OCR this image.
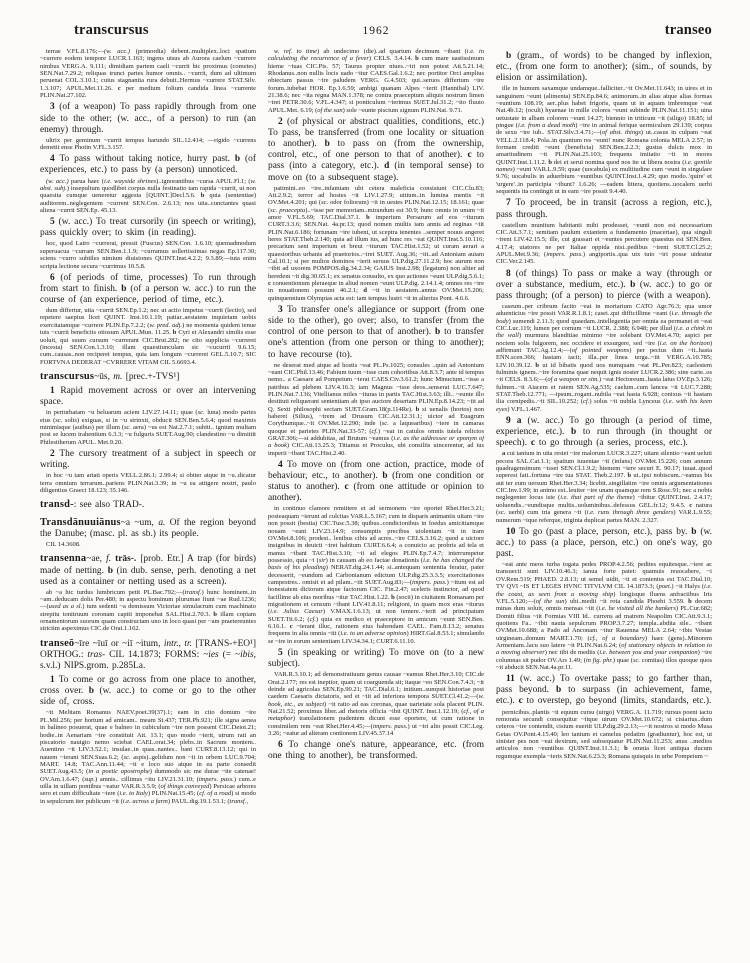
transcursus	1962	transeo

terrae V.FL.8.176;—(w. acc.) (primordia) debent..multiplex..loci spatium ~currere eodem tempore LUCR.1.163; ingens uisus ab Aurora caelum ~currere nimbus VERG.A. 9.111; dimidiam partem caeli ~currit hic proximus (cometes) SEN.Nat.7.29.2; reliquas trunci partes humor omnis.. ~currit, dum ad ultimum peruenat COL.3.10.1; cuius stagnantia rura debuit..Hermus ~currere STAT.Silv. 1.3.107; APUL.Met.11.26. c per medium folium candida linea ~currente PLIN.Nat.27.102.

3 (of a weapon) To pass rapidly through from one side to the other; (w. acc., of a person) to run (an enemy) through.

ultrix per geminum ~currit tempus harundo SIL.12.414; —rigido ~currens demetit ense Photin V.FL.3.157.

4 To pass without taking notice, hurry past. b (of experiences, etc.) to pass by (a person) unnoticed.

(w. acc.) parua haec (i.e. wayside shrines)..ignorantibus ~cursa APUL.Fl.1; (w. abst. subj.) insepultum quodlibet corpus nulla festinatio tam rapida ~currit, ut non quaesita cumque ueneretur aggesta [QUINT.]Decl.5.6. b quia (sententiae) auditorem..neglegentem ~current SEN.Con. 2.6.13; nos uita..cunctantes quasi aliena ~currit SEN.Ep. 45.13.

5 (w. acc.) To treat cursorily (in speech or writing), pass quickly over; to skim (in reading).

hoc, quod Latro ~currerat, pressit (Fuscus) SEN.Con. 1.6.10; quemadmodum superuacua ~curram SEN.Ben.1.1.9; ~curramus sollertissimas negas Ep.117.30; sciens ~curro subtiles nimium diuisiones QUINT.Inst.4.2.2; 9.3.89;—tuta enim scripta lectione secura ~currimus 10.5.8.

6 (of periods of time, processes) To run through from start to finish. b (of a person w. acc.) to run the course of (an experience, period of time, etc.).

dum differtur, uita ~currit SEN.Ep.1.2; nec ut actio impetus ~currit (lectio), sed repetere saepius licet QUINT. Inst.10.1.19; patiar..aestatem inquietam uobis exercitatamque ~currere PLIN.Ep.7.2.2; (w. pred. adj.) ne momenta quidem tenue tuis ~currit beneficiis otiosum APUL.Mun. 11.25. b Cyri et Alexandri similis esse uoluit, qui suum cursum ~currerant CIC.Brut.282; ne cito supplicia ~curreret (incesta) SEN.Con.1.3.10; illam quaestiunculam sic ~cucurrit 9.6.15; cum..causas..non reciperet tempus, quia iam longum ~curreret GEL.5.10.7; SIC FORTVNA DEDERAT ~CVRRERE VITAM CIL 5.6693.4.

transcursus~ūs, m. [prec.+-TVS¹]

1 Rapid movement across or over an intervening space.

in perturbatam ~u beluarum aciem LIV.27.14.11; quae (sc. luna) modo partes eius (sc. solis) exiguas, si in ~u strinxit, obducit SEN.Ben.5.6.4; quod maximis minimisque (auibus) per illum (sc. aera) ~us est Nat.2.7.1; subiti.. ignium multam post se lucem trahentium 6.3.3; ~u fulguris SUET.Aug.90; clandestino ~u dimittit Philesitherum APUL. Met.9.20.

2 The cursory treatment of a subject in speech or writing.

in hoc ~u tam artati operis VELL.2.86.1; 2.99.4; si obiter atque in ~u..dicatur terra omnium terrarum..pariens PLIN.Nat.3.39; in ~u ea attigere nostri, paulo diligentius Graeci 18.123; 35.146.

transd-: see also TRAD-.

Transdānuuiānus~a ~um, a. Of the region beyond the Danube; (masc. pl. as sb.) its people.

CIL 14.3608.

transenna~ae, f. trās-. [prob. Etr.] A trap (for birds) made of netting. b (in dub. sense, perh. denoting a net used as a container or netting used as a screen).

ab ~a hic turdus lumbricum petit PL.Bac.792;—(transf.) hunc hominem..in ~am..deducam dolis Per.480; in aspectu hominum plurumae fiunt ~ae Rud.1236;—(used as a sl.) tum sedenti ~a demissum Victoriae simulacrum cum machinato strepitu tonitruum coronam capiti imponebat SAL.Hist.2.70.3. b illam copiam ornamentorum suorum quam constructam uno in loco quasi per ~am praetereuntes strictim aspeximus CIC.de Orat.1.162.

transeō~īre ~īuī or ~iī ~itum, intr., tr. [TRANS-+EO¹] ORTHOG.: tras- CIL 14.1873; FORMS: ~ies (= ~ibis, s.v.l.) NIPS.grom. p.285La.

1 To come or go across from one place to another, cross over. b (w. acc.) to come or go to the other side of, cross.

~it Melitam Romanus NAEV.poet.39(37).1; eam in cito domum ~ire PL.Mil.256; per hortum ad amicam.. meam St.437; TER.Ph.921; ille signa aenea in balineo posuerat, quae e balneo in cubiculum ~ire non possent CIC.Deiot.21; hodie..in Aenariam ~ire constituit Att. 13.1; quo modo ~ierit, utrum rati an piscatorio nauigio nemo sciebat CAEL.orat.34; plebs..in Sacrum montem.. Auentino ~it LIV.3.52.1; insulae..in quas..nantes.. bant CURT.8.13.12; qui in nauem ~ierant SEN.Suas.6.2; (sc. aspis)..gelidum non ~it in orbem LUC.9.704; MART. 14.8; TAC.Ann.11.44; ~it e loco suo atque in ea parte consedit SUET.Aug.43.5; (in a poetic apostrophe) dummodo sic me durae ~ite catenae! OV.Am.1.6.47; (sup.) amnis.. cillimus ~itu LIV.21.31.10; (impers. pass.) cum..e uilla in uillam pontibus ~eatur VAR.R.3.5.9; (of things conveyed) Persicae arbores sero et cum difficultate ~iere (i.e. to Italy) PLIN.Nat.15.45; (cf. of a road) si modo in sepulcrum iter publicum ~it (i.e. across a farm) PAUL.dig.19.1.53.1; (transf.,

w. ref. to time) ab undecimo (die)..ad quartum decimum ~ibant (i.e. in calculating the recurrence of a fever) CELS. 3.4.14. b cum mare uastissimum hieme ~iuas CIC.Pis. 57; Taurus propter niues..~iri non potest Att.5.21.14; Rhodanus..non nullis locis uado ~itur CAES.Gal.1.6.2; nec portitor Orci amplius obiectam passus ~ire paludem VERG. G.4.503; qui..seruos differtum ~ire forum..iubebat HOR. Ep.1.6.59; ambigi quanam Alpes ~ierit (Hannibal) LIV. 21.38.6; nec ~ita regna MAN.1.378; ne contra praeceptum aliquis nostrum limen ~iret PETR.30.6; V.FL.4.347; si ponticulum ~ierimus SUET.Jul.31.2; ~ito fluuio APUL.Met. 6.19; (of the sun) sole ~eunte piscium signum PLIN.Nat. 9.71.

2 (of physical or abstract qualities, conditions, etc.) To pass, be transferred (from one locality or situation to another). b to pass on (from the ownership, control, etc., of one person to that of another). c to pass (into a category, etc.). d (in temporal sense) to move on (to a subsequent stage).

patimini..eo ~ire..infamiam ubi cetera maleficia consistunt CIC.Clu.83; Att.2.9.2; terror ad hostes ~it LIV.1.27.9; uitium..in lumina mentis ~it OV.Met.4.201; qui (sc. odor foliorum) ~it in uestes PLIN.Nat.12.15; 18.161; quae (sc. praecepta)..~isse per memoriam..mirandum est 30.9; hunc omnis in unum ~it amor V.FL.5.69; TAC.Dial.37.1. b imperium Persarum ad eos ~iturum CURT.3.3.6; SEN.Nat. 4a.pr.13; quod nomen multis iam annis ad reginas ~iit PLIN.Nat.6.186; fortunam ~ire iubent, ut sceptra tenentes ..semper nouus angeret heres STAT.Theb.2.140; quia ad illum ius, ad hunc res ~eat QUINT.Inst.5.10.116; precarium seni imperium et breui ~iturum TAC.Hist.1.52; ut curam aerari a quaestoribus urbanis ad praetorios..~iret SUET. Aug.36; ~iit..ad Antoniam auiam Cal.10.1; si per multos dominos ~ierit seruus ULP.dig.27.11.2.9; hoc aurum non ~ibit ad uxorem POMPOS.dig.34.2.34; GAIUS Inst.2.98; (legatum) non aliter ad heredem ~it dig.30.65.1; ex senatus consulto, ex quo actiones ~eunt ULP.dig.5.6.1; c conuentionum pleraeque in aliud nomen ~eunt ULP.dig. 2.14.1.4; omnes res ~ire in nouationem possunt 46.2.1; d ~it in aestatem..annus OV.Met.15.206; quinquennium Olympias acta est: iam tempus lustri ~it in alterius Pont. 4.6.6.

3 To transfer one's allegiance or support (from one side to the other), go over; also, to transfer (from the control of one person to that of another). b to transfer one's attention (from one person or thing to another); to have recourse (to).

ne deserat med atque ad hostis ~eat PL.Ps.1025; consules ..quin ad Antonium ~eant CIC.Phil.13.46; Fabium tuum ~isse cum cohortibus Att.8.3.7; ante id tempus nemo.. a Caesare ad Pompeium ~ierat CAES.Civ.3.61.2; hunc Minucium..~isse a patribus ad plebem LIV.4.16.3; iam Magnus ~isse deos..senserat LUC.7.647; PLIN.Nat.7.136; Vitellianus miles ~ituras in partis TAC.Hist.3.63; illi.. ~eunte illo destituti reliquerant sententiam ab ipso auctore desertam PLIN.Ep.8.14.23; ~iit ad Q. Sexti philosophi sectam SUET.Gram.18(p.114Re). b si uenalis (hortos) non haberet (Silius), ~irem ad Drusum CIC.Att.12.31.1; uictor ad Euagrum Corythumque..~it OV.Met.12.290; inde (sc. a laquearibus) ~iere in camaras quoque et parietes PLIN.Nat.33-57; (cf.) ~eat in catulos omnis tutela relictos GRAT.306;—si addubitas, ad Brutum ~eamus (i.e. as the addressee or eponym of a book) CIC.Att.13.25.3; Titianus et Proculus, ubi consiliis uincerentur, ad ius imperii ~ibant TAC.Hist.2.40.

4 To move on (from one action, practice, mode of behaviour, etc., to another). b (from one condition or status to another). c (from one attitude or opinion to another).

in continuo clamore remittere et ad sermonem ~ire oportet Rhet.Her.3.21; posteaquam ~ierunt ad culcitas VAR.L.5.167; cum in disparis animantis uitam ~ire non possit (bestia) CIC.Tusc.5.38; quibus..condicionibus in foedus amicitiamque nouam ~eant LIV.23.14.9; consumptis precibus uiolentam ~it in iram OV.Met.8.106; prodest.. lenibus cibis ad acres..~ire CELS.3.16.2; quod a uictore insignibus in deuicti ~iret habitum CURT.6.6.4; a conuicio ac probris ad tela et manus ~ibant TAC.Hist.3.10; ~ii ad elegos PLIN.Ep.7.4.7; interrumpetur possessio, quia ~i (sir) in causam ab eo factae donationis (i.e. he has changed the basis of his pleading) NERAT.dig.24.1.44; si..antequam sententia feratur, pater decesserit, ~eundum ad Carbonianum edictum ULP.dig.25.3.3.5; exercitationes campestres.. omisit et ad pilam..~iit SUET.Aug.83;—(impers. pass.) ~itum est ad honestatem dictorum atque factorum CIC. Fin.2.47; sceleris instinctor, ad quod facillime ab eius moribus ~itur TAC.Hist.1.22. b (socii) in ciuitatem Romanam per migrationem et censum ~ibant LIV.41.8.11; religioni, in quam mox eras ~iturus (i.e. Julius Caesar) V.MAX.1.6.13; ut non temere..~ierit ad principatum SUET.Tit.6.2; (cf.) quia ex medico et praeceptore in amicum ~eunt SEN.Ben. 6.16.1. c ~ierant illuc, rationem eius habendam CAEL. Fam.8.13.2; senatus frequens in alia omnia ~iit (i.e. to an adverse opinion) HIRT.Gal.8.53.1; simulando se ~ire in eorum sententiam LIV.34.34.1; CURT.6.11.10.

5 (in speaking or writing) To move on (to a new subject).

VAR.R.3.10.1; ad demonstratiuum genus causae ~eamus Rhet.Her.3.10; CIC.de Orat.2.177; res est ineptior, quam ut coarguenda sit; itaque ~eo SEN.Con.7.4.3; ~it deinde ad agricolas SEN.Ep.90.21; TAC.Dial.6.1; initium..sumpsit historiae post caedem Caesaris dictatoris, sed et ~iit ad inferiora tempora SUET.Cl.41.2;—(w. book, etc., as subject) ~it ratio ad eas coronas, quae uarietate sola placent PLIN. Nat.21.52; proximus liber..ad rhetoris officia ~ibit QUINT. Inst.1.12.19; (cf., of a metaphor) translationem pudentem dicunt esse oportere, ut cum ratione in consimilem rem ~eat Rhet.Her.4.45;—(impers. pass.) ut ~iri alio possit CIC.Leg. 3.26; ~eatur ad alteram contionem LIV.45.37.14

6 To change one's nature, appearance, etc. (from one thing to another), be transformed.

b (gram., of words) to be changed by inflexion, etc., (from one form to another); (sim., of sounds, by elision or assimilation).

ille in humum saxamque undamque..falliciter..~it Ov.Met.11.643; in uires et in sanguinem ~eunt (alimenta) SEN.Ep.84.6; animorum..in alias atque alias formas ~euntium 108.19; aer..plus habet frigoris, quam ut in aquam imbremque ~eat Nat.4b.12; (oculi) hyaenae in mille colores ~eunt subinde PLIN.Nat.11.151; uina uetustate in albam colorem ~eunt 14.27; biennio in triticum ~it (siligo) 18.85; id pingue (i.e. from a dead moth) ~ire in animal ferique uermiculum 29.139; corpus de sexu ~ire iub.. STAT.Silv.3.4.71;—(of abst. things) ut..casus in culpam ~eat VELL.2.118.4; Pola..in quantum res ~eunt! nunc Romana colonia MELA 2.57; in formam crediti ~eunt (beneficia) SEN.Ben.2.2.3; gustus dulcis mox in amaritudinem ~it PLIN.Nat.25.103; frequens imitatio ~it in mores QUINT.Inst.1.11.2. b dei et serui nomina quod nos ite ut libera nostra (i.e. gentile names) ~eunt VAR.L.9.59; quae (uocabula) ex multitudine cum ~eunt in singulare 9.76; uocabulis in aduerbium ~euntibus QUINT.Inst.1.4.29; quo modo..'quire' et 'urgere'..in participia ~ibunt? 1.6.26; —eadem littera, quotiens..uocalem uerbi sequentis ita contingit ut in eam ~ire possit 9.4.40.

7 To proceed, be in transit (across a region, etc.), pass through.

castellum munitum habitanti mihi prodesset, ~eunti non est necessarium CIC.Att.3.7.1; semitam paulum extantem a fundamento (maceriae), qua singuli ~irent LIV.42.15.5; ille, cui grassari et ~euntes percutere quaestus est SEN.Ben. 4.17.4; uiatores ne per Italiae oppida nisi..pedibus ~irent SUET.Cl.25.2; APUL.Met.9.36; (impers. pass.) angiportis..qua uix tuto ~iri posse uideatur CIC.Ver.2.145.

8 (of things) To pass or make a way (through or over a substance, medium, etc.). b (w. acc.) to go or pass through; (of a person) to pierce (with a weapon).

caseum..per cribrum facito ~eat in mortarium CATO Agr.76.3; qua umor aduenticius ~ire possit VAR.R.1.8.1; casei..qui difficillime ~eant (i.e. through the body) sumendi 2.11.3; quod quaedam..intellegentia per omnia ea permanet et ~eat CIC.Luc.119; lumen per cornum ~it LUCR. 2.388; 6.948; per illud (i.e. a chink in the wall) murmura blanditiae minimo ~ire solebant OV.Met.4.70; aspici per noctem solis fulgorem, nec occidere et exsurgere, sed ~ire (i.e. on the horizon) adfirmant TAC.Ag.12.4;—(of pointed weapons) per pectus dum ~it..hasta ENN.scen.366; hastam iacit; illa..per linea terga..~iit VERG.A.10.785; LIV.10.39.12. b ut id bibatis quod uos numquam ~eat PL.Per.823; caelestem fulminis ignem..~ire foramina quae nequit ignis noster LUCR.2.386; sine carie..os ~it CELS. 8.3.6;—(of a weapon or sim.) ~eat Hectoreum..hasta latus OV.Ep.3.126; fulmen..~it Aiacem et ratem SEN.Ag.535; caelum..cum lancea ~it LUC.7.288; STAT.Theb.12.771; —ipsum..rogant..nubila ~eat hasta 6.928; conixus ~it hastam ilia cornipedis..~it SIL.10.252; (cf.) solus ~it nubila Lynceus (i.e. with his keen eyes) V.FL.1.467.

9 a (w. acc.) To go through (a period of time, experience, etc.). b to run through (in thought or speech). c to go through (a series, process, etc.).

a cui tantum in uita restet ~ire malorum LUCR.3.227; uitam silentio ~eant ueluti pecora SAL.Cat.1.1; spatium iuuentae ~it (infans) OV.Met.15.226; cum annum quadragensimum ~isset SEN.Cl.1.9.2; hiemem ~iere securi E. 90.17; iuuat..quod superest fati..fortuna ~ire tua STAT. Theb.2.197. b ut..ipsi nobiscum..~eamus bis aut ter eum uersum Rhet.Her.3.34; licebit..singillatim ~ire omnis argumentationes CIC.Inv.1.99; in animo est..leuiter ~ire unam quamque rem S.Rosc.91; nec a nobis neglegenter locus iste (i.e. that part of the theme) ~ibitur QUINT.Inst. 2.4.17; uoluendis..~eundisque multis..uoluminibus..defessus GEL.fr.12; 9.4.5. c natura (sc. uerbi) cum tria genera ~it (i.e. runs through three genders) VAR.L.9.55; numerum ~ique referque, triginta duplicat partes MAN. 2.327.

10 To go (past a place, person, etc.), pass by. b (w. acc.) to pass (a place, person, etc.) on one's way, go past.

~eat ante meos turba togata pedes PROP.4.2.56; pedites equitesque..~iere ac transuecti sunt LIV.10.46.3; ianua forte patet: quamuis reuocabere, ~i OV.Rem.519; PHAED. 2.8.13; ut semel uidit, ~it et contentus est TAC.Dial.10; TV QVI ~IS ET LEGES HVNC TITVLVM CIL 14.1873.3; (poet.) ~it Halys (i.e. the coast, as seen from a moving ship) longisque fluens anfractibus Iris V.FL.5.120;—(of the sun) ubi..medii ~it rota candida Phoebi 3.559. b decem minas dum soluit, omnis mensas ~iit (i.e. he visited all the bankers) PL.Cur.682; Domiti filius ~iit Formias VIII Id.. currens ad matrem Neapolim CIC.Att.9.3.1; quotiens Fa.. ~ibit nauta sepulcrum PROP.3.7.27; templa..abdita sile.. ~ibant OV.Met.10.688; a Pado ad Anconam ~itur Rauenna MELA 2.64; ~ibis Vestae uirgineam..domum MART.1.70; (cf., of a boundary) haec (gens)..Minorem Armeniam..lacu suo latere ~it PLIN.Nat.6.24; (of stationary objects in relation to a moving observer) nec tibi de mediis (i.e. between you and your companion) ~ire columnas sit pudor OV.Ars 1.49; (in fig. phr.) quae (sc. comitas) illos quoque quos ~it abducit SEN.Nat.4a.pr.11.

11 (w. acc.) To overtake pass; to go farther than, pass beyond. b to surpass (in achievement, fame, etc.). c to overstep, go beyond (limits, standards, etc.).

pernicibus..plantis ~it equum cursu (uirgo) VERG.A. 11.719; rursus poeni iactu remorata secundi consequitur ~itque uirum OV.Met.10.672; si cisiarius..dum ceteros ~ire contendit, cisium euertit ULP.dig.29.2.13;—~it nostros si modo Musa Getas OV.Pont.4.15.40; leo tantum et camelus pedatim (gradiuntur), hoc est, ut sinister pes non ~eat dextrum, sed subsequatur PLIN.Nat.11.253; anus ..medios articulos non ~euntibus QUINT.Inst.11.3.1; b omnia licet antiqua ducum regumque exempla ~ieris SEN.Nat.6.23.3; Romana quisquis in urbe Pompeium ~
